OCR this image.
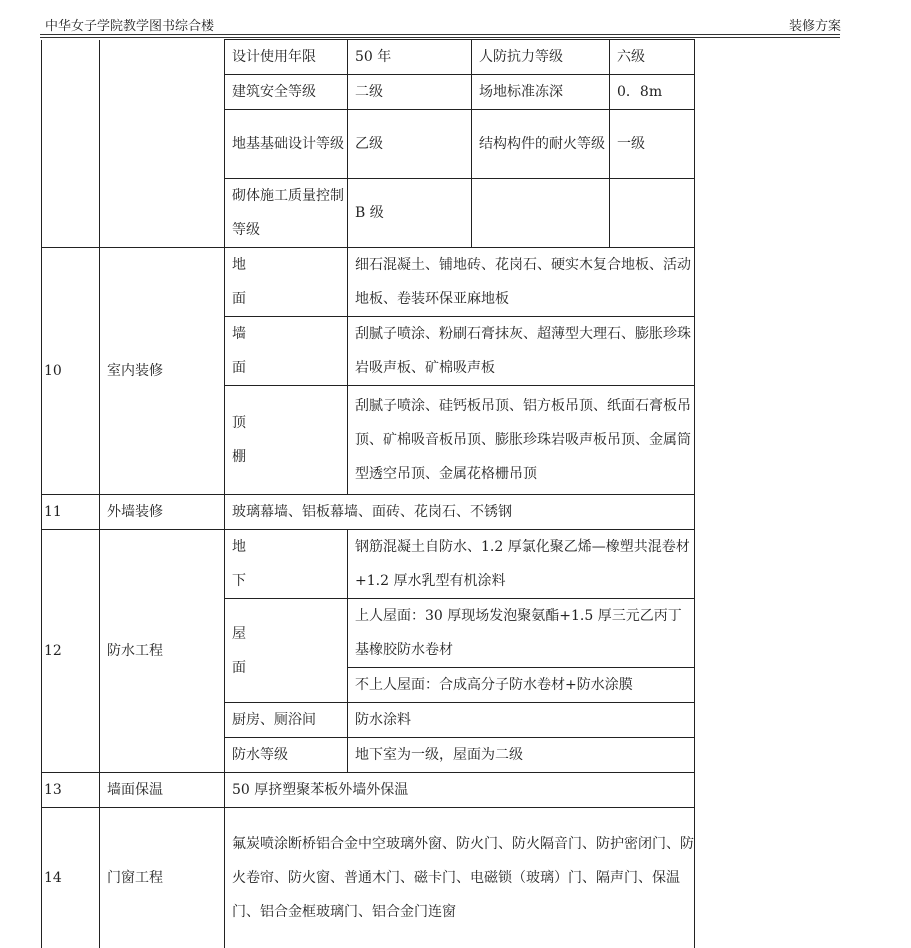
中华女子学院教学图书综合楼	装修方案
		设计使用年限	50 年	人防抗力等级	六级
		建筑安全等级	二级	场地标准冻深	0．8m
		地基基础设计等级	乙级	结构构件的耐火等级	一级
		砌体施工质量控制等级	B 级		
10	室内装修	地 面	细石混凝土、铺地砖、花岗石、硬实木复合地板、活动地板、卷装环保亚麻地板		
		墙 面	刮腻子喷涂、粉刷石膏抹灰、超薄型大理石、膨胀珍珠岩吸声板、矿棉吸声板		
		顶 棚	刮腻子喷涂、硅钙板吊顶、铝方板吊顶、纸面石膏板吊顶、矿棉吸音板吊顶、膨胀珍珠岩吸声板吊顶、金属筒型透空吊顶、金属花格栅吊顶		
11	外墙装修	玻璃幕墙、铝板幕墙、面砖、花岗石、不锈钢			
12	防水工程	地 下	钢筋混凝土自防水、1.2 厚氯化聚乙烯—橡塑共混卷材+1.2 厚水乳型有机涂料		
		屋 面	上人屋面：30 厚现场发泡聚氨酯+1.5 厚三元乙丙丁基橡胶防水卷材		
			不上人屋面：合成高分子防水卷材+防水涂膜		
		厨房、厕浴间	防水涂料		
		防水等级	地下室为一级，屋面为二级		
13	墙面保温	50 厚挤塑聚苯板外墙外保温			
14	门窗工程	氟炭喷涂断桥铝合金中空玻璃外窗、防火门、防火隔音门、防护密闭门、防火卷帘、防火窗、普通木门、磁卡门、电磁锁（玻璃）门、隔声门、保温门、铝合金框玻璃门、铝合金门连窗			
